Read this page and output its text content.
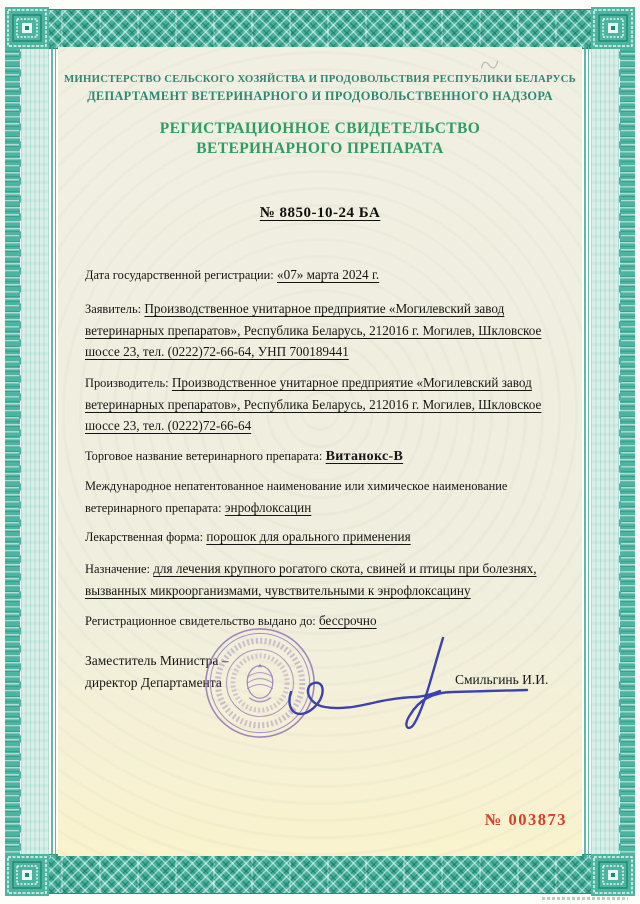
МИНИСТЕРСТВО СЕЛЬСКОГО ХОЗЯЙСТВА И ПРОДОВОЛЬСТВИЯ РЕСПУБЛИКИ БЕЛАРУСЬ
ДЕПАРТАМЕНТ ВЕТЕРИНАРНОГО И ПРОДОВОЛЬСТВЕННОГО НАДЗОРА
РЕГИСТРАЦИОННОЕ СВИДЕТЕЛЬСТВО
ВЕТЕРИНАРНОГО ПРЕПАРАТА
№ 8850-10-24 БА

Дата государственной регистрации: «07» марта 2024 г.

Заявитель: Производственное унитарное предприятие «Могилевский завод ветеринарных препаратов», Республика Беларусь, 212016 г. Могилев, Шкловское шоссе 23, тел. (0222)72-66-64, УНП 700189441

Производитель: Производственное унитарное предприятие «Могилевский завод ветеринарных препаратов», Республика Беларусь, 212016 г. Могилев, Шкловское шоссе 23, тел. (0222)72-66-64

Торговое название ветеринарного препарата: Витанокс-В

Международное непатентованное наименование или химическое наименование ветеринарного препарата: энрофлоксацин

Лекарственная форма: порошок для орального применения

Назначение: для лечения крупного рогатого скота, свиней и птицы при болезнях, вызванных микроорганизмами, чувствительными к энрофлоксацину

Регистрационное свидетельство выдано до: бессрочно

Заместитель Министра –
директор Департамента	Смильгинь И.И.
№ 003873
